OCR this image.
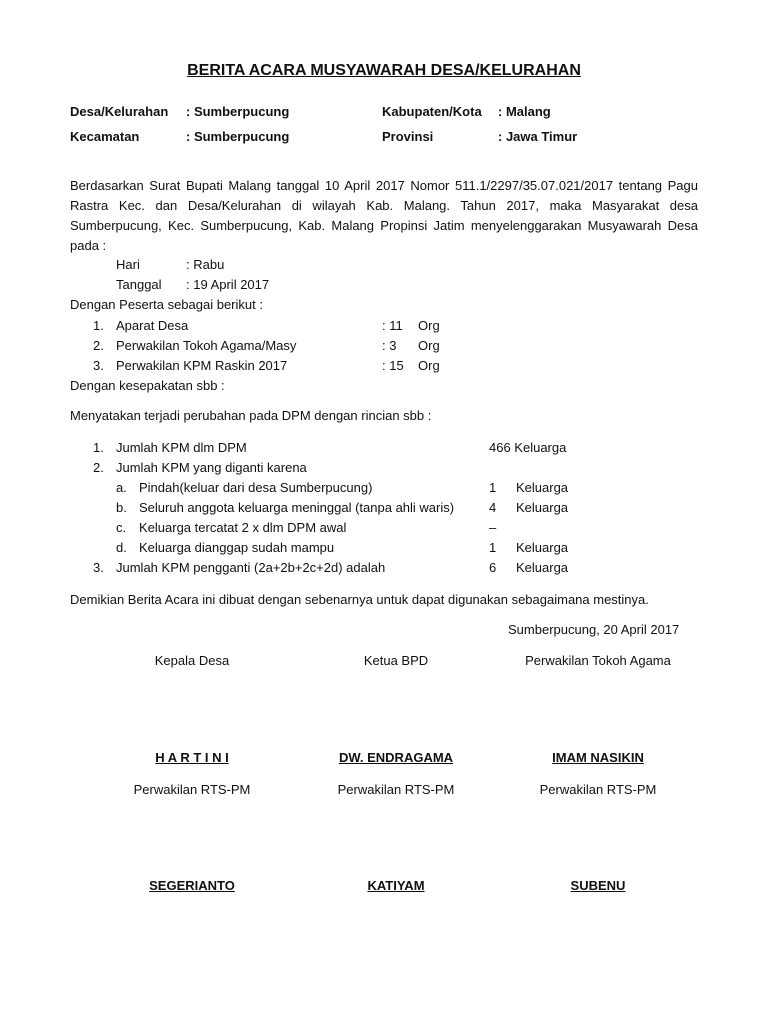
BERITA ACARA MUSYAWARAH DESA/KELURAHAN
Desa/Kelurahan : Sumberpucung	Kabupaten/Kota : Malang
Kecamatan	: Sumberpucung	Provinsi	: Jawa Timur
Berdasarkan Surat Bupati Malang tanggal 10 April 2017 Nomor 511.1/2297/35.07.021/2017 tentang Pagu Rastra Kec. dan Desa/Kelurahan di wilayah Kab. Malang. Tahun 2017, maka Masyarakat desa Sumberpucung, Kec. Sumberpucung, Kab. Malang Propinsi Jatim menyelenggarakan Musyawarah Desa pada :
Hari	: Rabu
Tanggal : 19 April 2017
Dengan Peserta sebagai berikut :
1. Aparat Desa	: 11 Org
2. Perwakilan Tokoh Agama/Masy	: 3 Org
3. Perwakilan KPM Raskin 2017	: 15 Org
Dengan kesepakatan sbb :
Menyatakan terjadi perubahan pada DPM dengan rincian sbb :
1. Jumlah KPM dlm DPM	466 Keluarga
2. Jumlah KPM yang diganti karena
a. Pindah(keluar dari desa Sumberpucung)	1 Keluarga
b. Seluruh anggota keluarga meninggal (tanpa ahli waris)	4 Keluarga
c. Keluarga tercatat 2 x dlm DPM awal	–
d. Keluarga dianggap sudah mampu	1 Keluarga
3. Jumlah KPM pengganti (2a+2b+2c+2d) adalah	6 Keluarga
Demikian Berita Acara ini dibuat dengan sebenarnya untuk dapat digunakan sebagaimana mestinya.
Sumberpucung, 20 April 2017
Kepala Desa	Ketua BPD	Perwakilan Tokoh Agama
H A R T I N I	DW. ENDRAGAMA	IMAM NASIKIN
Perwakilan RTS-PM	Perwakilan RTS-PM	Perwakilan RTS-PM
SEGERIANTO	KATIYAM	SUBENU
